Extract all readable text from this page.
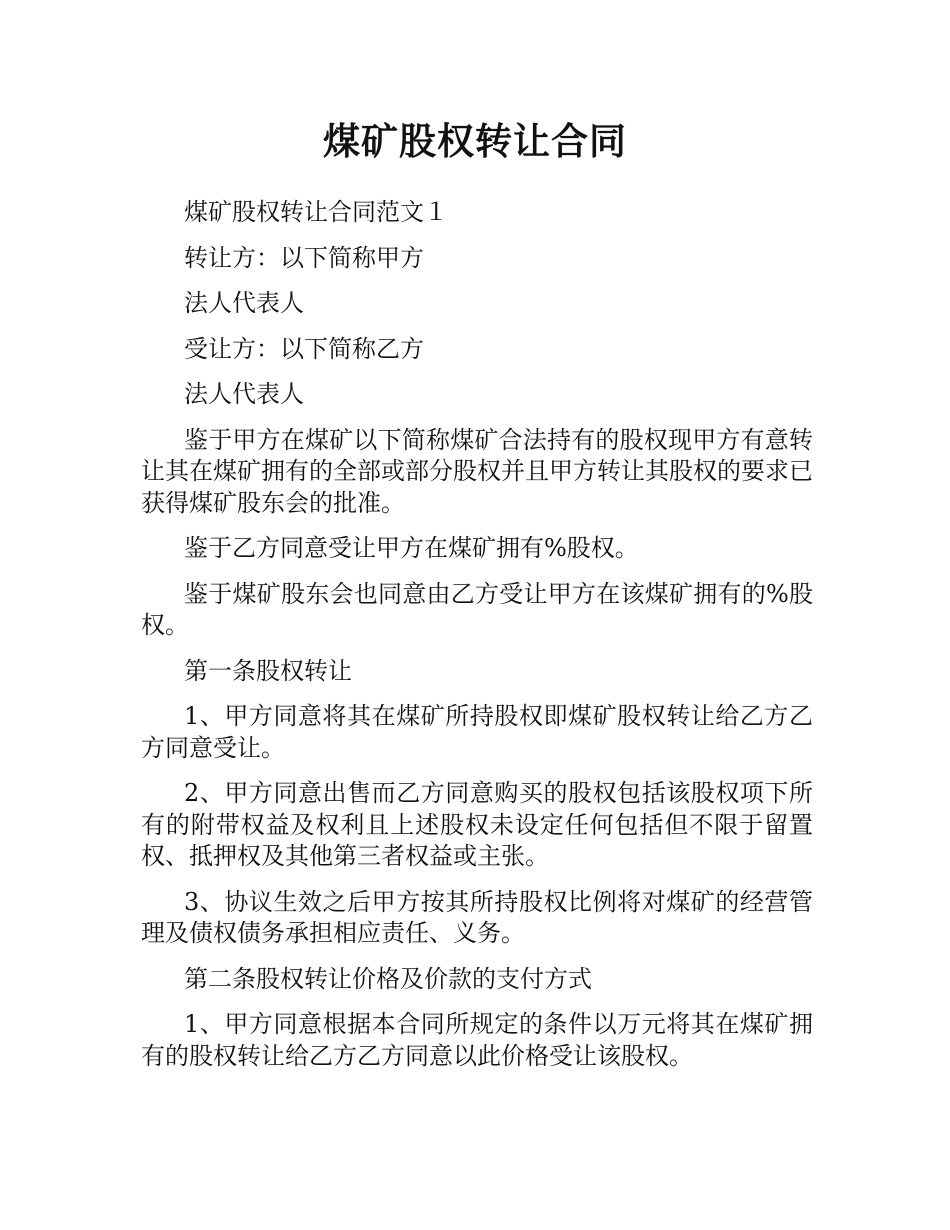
煤矿股权转让合同

煤矿股权转让合同范文１

转让方：以下简称甲方

法人代表人

受让方：以下简称乙方

法人代表人

鉴于甲方在煤矿以下简称煤矿合法持有的股权现甲方有意转让其在煤矿拥有的全部或部分股权并且甲方转让其股权的要求已获得煤矿股东会的批准。

鉴于乙方同意受让甲方在煤矿拥有%股权。

鉴于煤矿股东会也同意由乙方受让甲方在该煤矿拥有的%股权。

第一条股权转让

1、甲方同意将其在煤矿所持股权即煤矿股权转让给乙方乙方同意受让。

2、甲方同意出售而乙方同意购买的股权包括该股权项下所有的附带权益及权利且上述股权未设定任何包括但不限于留置权、抵押权及其他第三者权益或主张。

3、协议生效之后甲方按其所持股权比例将对煤矿的经营管理及债权债务承担相应责任、义务。

第二条股权转让价格及价款的支付方式

1、甲方同意根据本合同所规定的条件以万元将其在煤矿拥有的股权转让给乙方乙方同意以此价格受让该股权。
